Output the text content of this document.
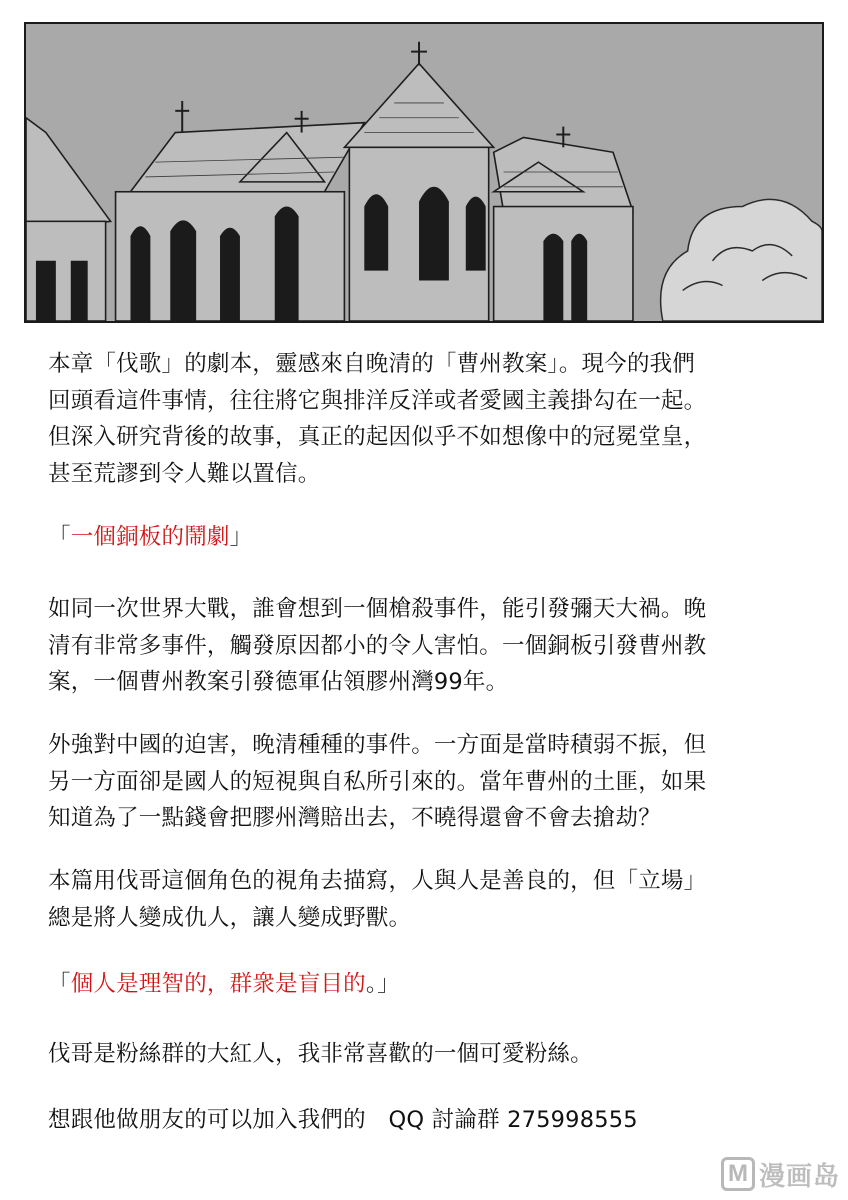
本章「伐歌」的劇本，靈感來自晚清的「曹州教案」。現今的我們
回頭看這件事情，往往將它與排洋反洋或者愛國主義掛勾在一起。
但深入研究背後的故事，真正的起因似乎不如想像中的冠冕堂皇，
甚至荒謬到令人難以置信。

「一個銅板的鬧劇」

如同一次世界大戰，誰會想到一個槍殺事件，能引發彌天大禍。晚
清有非常多事件，觸發原因都小的令人害怕。一個銅板引發曹州教
案，一個曹州教案引發德軍佔領膠州灣99年。

外強對中國的迫害，晚清種種的事件。一方面是當時積弱不振，但
另一方面卻是國人的短視與自私所引來的。當年曹州的土匪，如果
知道為了一點錢會把膠州灣賠出去，不曉得還會不會去搶劫？

本篇用伐哥這個角色的視角去描寫，人與人是善良的，但「立場」
總是將人變成仇人，讓人變成野獸。

「個人是理智的，群衆是盲目的。」

伐哥是粉絲群的大紅人，我非常喜歡的一個可愛粉絲。

想跟他做朋友的可以加入我們的　QQ 討論群 275998555

M 漫画岛
